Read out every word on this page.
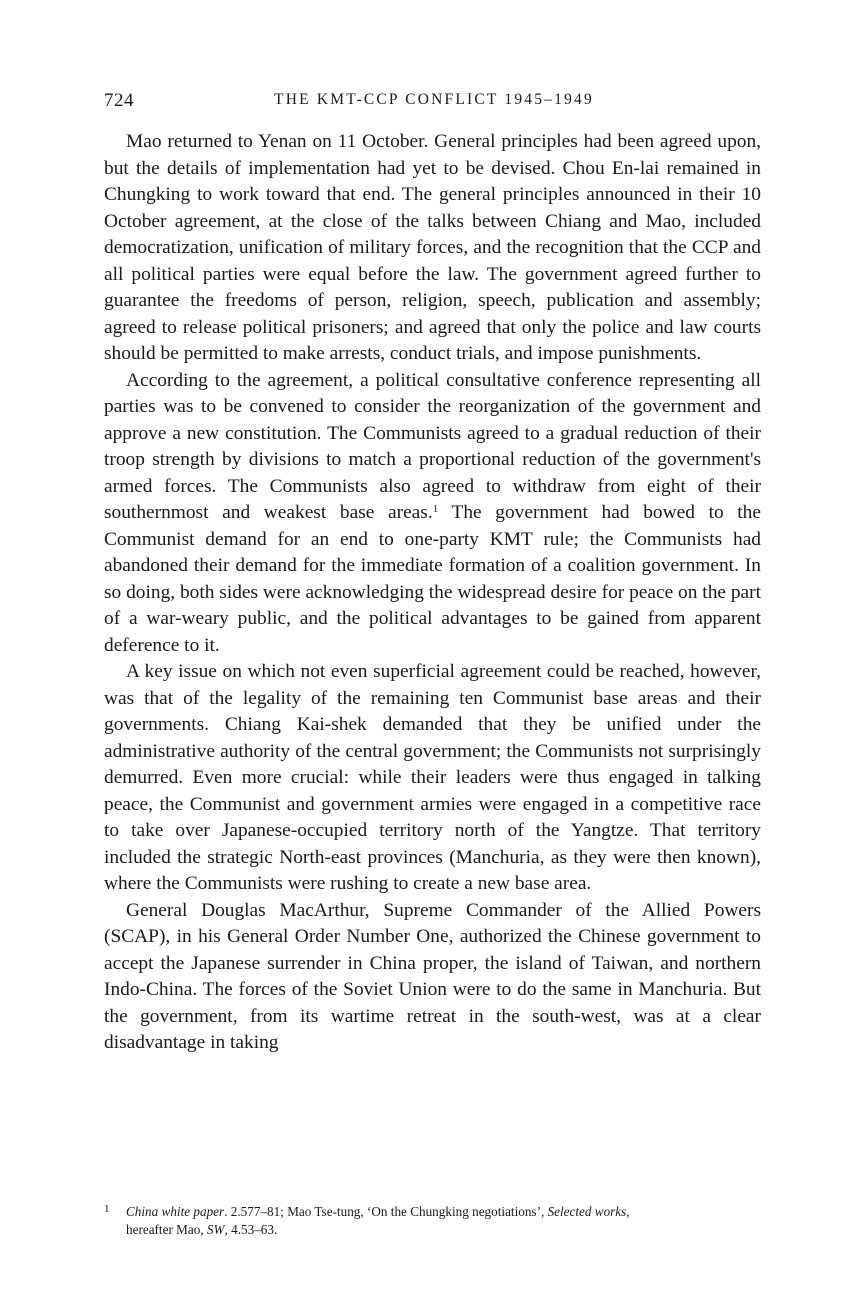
724	THE KMT-CCP CONFLICT 1945–1949

Mao returned to Yenan on 11 October. General principles had been agreed upon, but the details of implementation had yet to be devised. Chou En-lai remained in Chungking to work toward that end. The general principles announced in their 10 October agreement, at the close of the talks between Chiang and Mao, included democratization, unification of military forces, and the recognition that the CCP and all political parties were equal before the law. The government agreed further to guarantee the freedoms of person, religion, speech, publication and assembly; agreed to release political prisoners; and agreed that only the police and law courts should be permitted to make arrests, conduct trials, and impose punishments.

According to the agreement, a political consultative conference representing all parties was to be convened to consider the reorganization of the government and approve a new constitution. The Communists agreed to a gradual reduction of their troop strength by divisions to match a proportional reduction of the government's armed forces. The Communists also agreed to withdraw from eight of their southernmost and weakest base areas.$^1$ The government had bowed to the Communist demand for an end to one-party KMT rule; the Communists had abandoned their demand for the immediate formation of a coalition government. In so doing, both sides were acknowledging the widespread desire for peace on the part of a war-weary public, and the political advantages to be gained from apparent deference to it.

A key issue on which not even superficial agreement could be reached, however, was that of the legality of the remaining ten Communist base areas and their governments. Chiang Kai-shek demanded that they be unified under the administrative authority of the central government; the Communists not surprisingly demurred. Even more crucial: while their leaders were thus engaged in talking peace, the Communist and government armies were engaged in a competitive race to take over Japanese-occupied territory north of the Yangtze. That territory included the strategic North-east provinces (Manchuria, as they were then known), where the Communists were rushing to create a new base area.

General Douglas MacArthur, Supreme Commander of the Allied Powers (SCAP), in his General Order Number One, authorized the Chinese government to accept the Japanese surrender in China proper, the island of Taiwan, and northern Indo-China. The forces of the Soviet Union were to do the same in Manchuria. But the government, from its wartime retreat in the south-west, was at a clear disadvantage in taking

1 China white paper. 2.577–81; Mao Tse-tung, ‘On the Chungking negotiations’, Selected works,
hereafter Mao, SW, 4.53–63.
